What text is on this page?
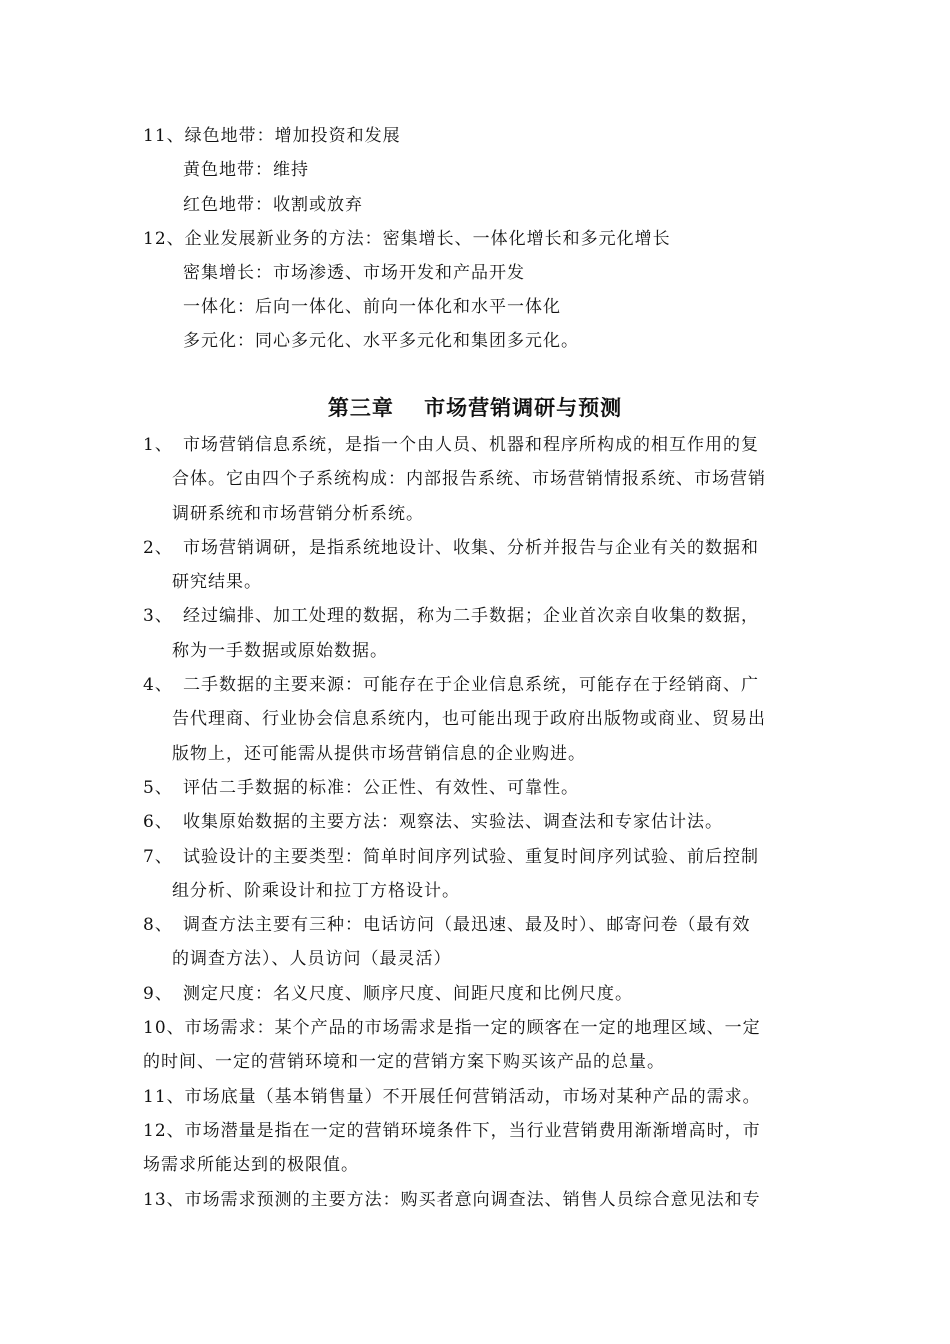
11、绿色地带：增加投资和发展
黄色地带：维持
红色地带：收割或放弃
12、企业发展新业务的方法：密集增长、一体化增长和多元化增长
密集增长：市场渗透、市场开发和产品开发
一体化：后向一体化、前向一体化和水平一体化
多元化：同心多元化、水平多元化和集团多元化。
第三章　 市场营销调研与预测
1、 市场营销信息系统，是指一个由人员、机器和程序所构成的相互作用的复
合体。它由四个子系统构成：内部报告系统、市场营销情报系统、市场营销
调研系统和市场营销分析系统。
2、 市场营销调研，是指系统地设计、收集、分析并报告与企业有关的数据和
研究结果。
3、 经过编排、加工处理的数据，称为二手数据；企业首次亲自收集的数据，
称为一手数据或原始数据。
4、 二手数据的主要来源：可能存在于企业信息系统，可能存在于经销商、广
告代理商、行业协会信息系统内，也可能出现于政府出版物或商业、贸易出
版物上，还可能需从提供市场营销信息的企业购进。
5、 评估二手数据的标准：公正性、有效性、可靠性。
6、 收集原始数据的主要方法：观察法、实验法、调查法和专家估计法。
7、 试验设计的主要类型：简单时间序列试验、重复时间序列试验、前后控制
组分析、阶乘设计和拉丁方格设计。
8、 调查方法主要有三种：电话访问（最迅速、最及时）、邮寄问卷（最有效
的调查方法）、人员访问（最灵活）
9、 测定尺度：名义尺度、顺序尺度、间距尺度和比例尺度。
10、市场需求：某个产品的市场需求是指一定的顾客在一定的地理区域、一定
的时间、一定的营销环境和一定的营销方案下购买该产品的总量。
11、市场底量（基本销售量）不开展任何营销活动，市场对某种产品的需求。
12、市场潜量是指在一定的营销环境条件下，当行业营销费用渐渐增高时，市
场需求所能达到的极限值。
13、市场需求预测的主要方法：购买者意向调查法、销售人员综合意见法和专
